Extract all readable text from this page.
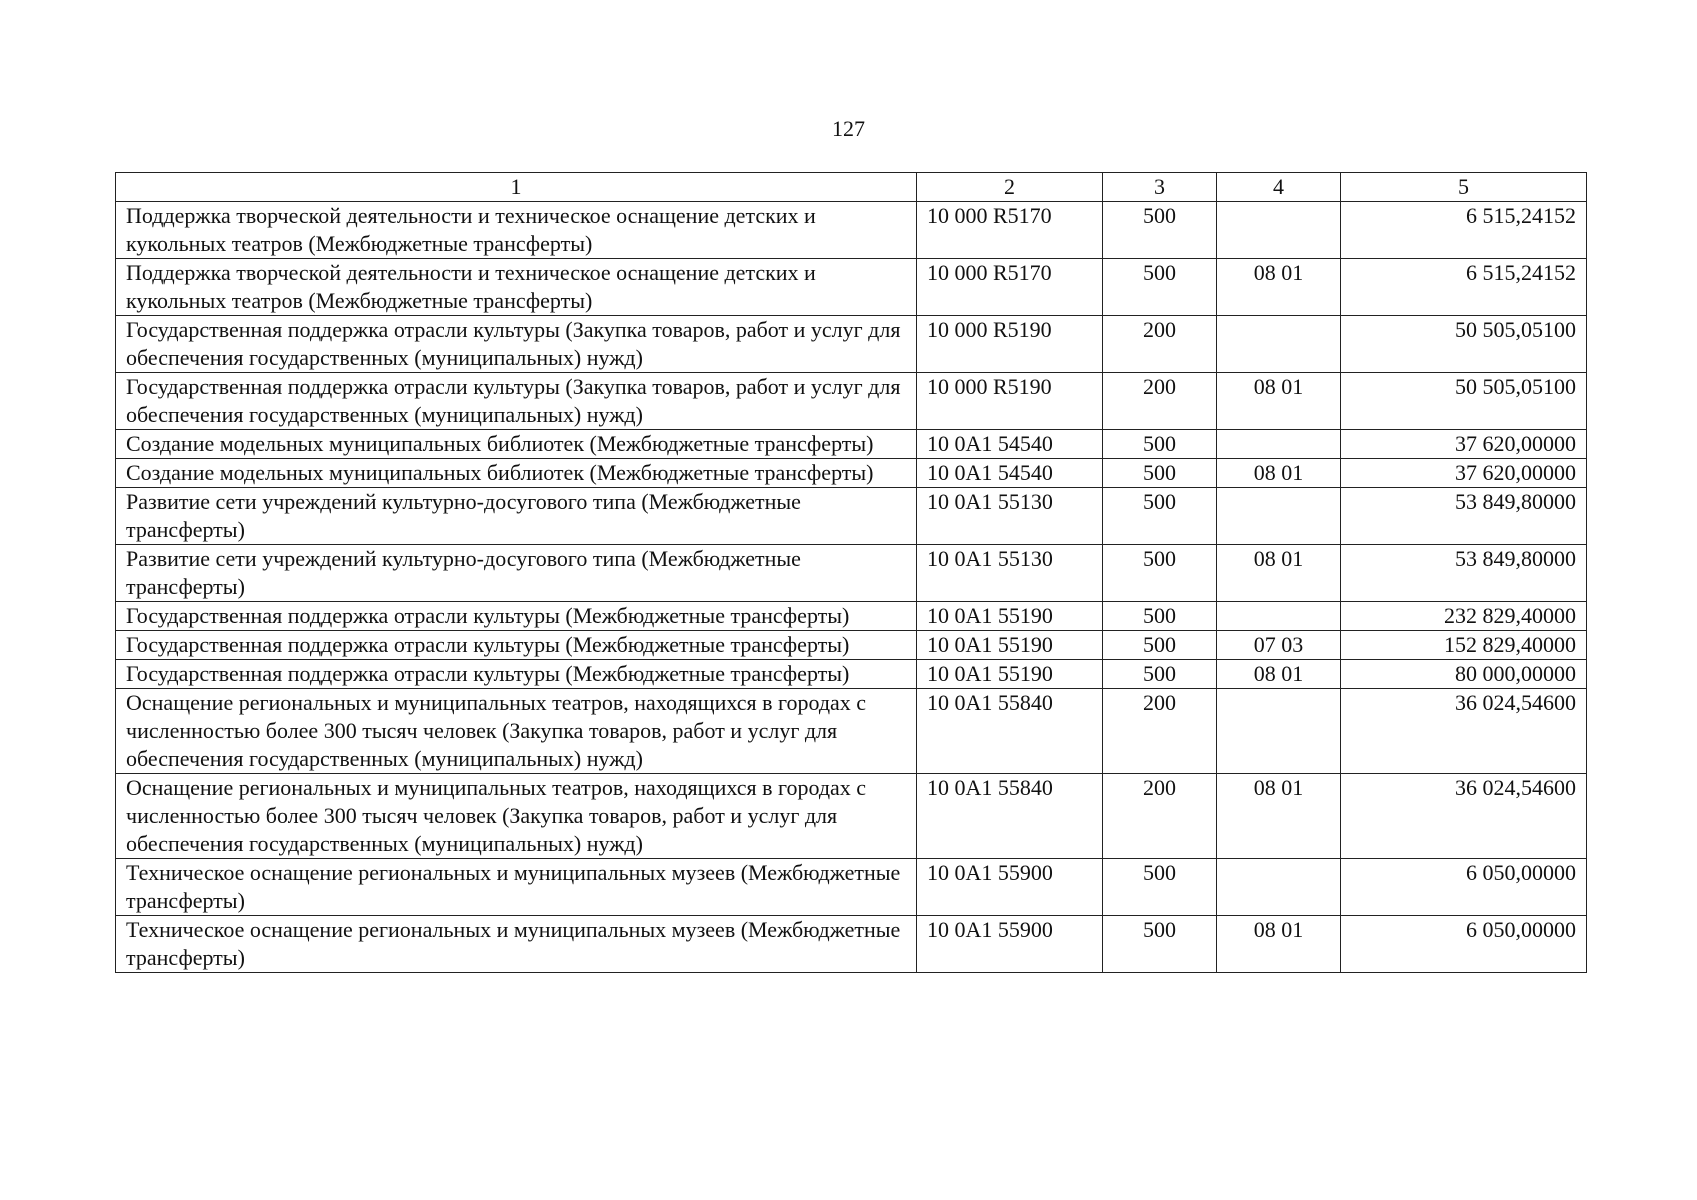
127
1	2	3	4	5
Поддержка творческой деятельности и техническое оснащение детских и кукольных театров (Межбюджетные трансферты)	10 000 R5170	500		6 515,24152
Поддержка творческой деятельности и техническое оснащение детских и кукольных театров (Межбюджетные трансферты)	10 000 R5170	500	08 01	6 515,24152
Государственная поддержка отрасли культуры (Закупка товаров, работ и услуг для обеспечения государственных (муниципальных) нужд)	10 000 R5190	200		50 505,05100
Государственная поддержка отрасли культуры (Закупка товаров, работ и услуг для обеспечения государственных (муниципальных) нужд)	10 000 R5190	200	08 01	50 505,05100
Создание модельных муниципальных библиотек (Межбюджетные трансферты)	10 0A1 54540	500		37 620,00000
Создание модельных муниципальных библиотек (Межбюджетные трансферты)	10 0A1 54540	500	08 01	37 620,00000
Развитие сети учреждений культурно-досугового типа (Межбюджетные трансферты)	10 0A1 55130	500		53 849,80000
Развитие сети учреждений культурно-досугового типа (Межбюджетные трансферты)	10 0A1 55130	500	08 01	53 849,80000
Государственная поддержка отрасли культуры (Межбюджетные трансферты)	10 0A1 55190	500		232 829,40000
Государственная поддержка отрасли культуры (Межбюджетные трансферты)	10 0A1 55190	500	07 03	152 829,40000
Государственная поддержка отрасли культуры (Межбюджетные трансферты)	10 0A1 55190	500	08 01	80 000,00000
Оснащение региональных и муниципальных театров, находящихся в городах с численностью более 300 тысяч человек (Закупка товаров, работ и услуг для обеспечения государственных (муниципальных) нужд)	10 0A1 55840	200		36 024,54600
Оснащение региональных и муниципальных театров, находящихся в городах с численностью более 300 тысяч человек (Закупка товаров, работ и услуг для обеспечения государственных (муниципальных) нужд)	10 0A1 55840	200	08 01	36 024,54600
Техническое оснащение региональных и муниципальных музеев (Межбюджетные трансферты)	10 0A1 55900	500		6 050,00000
Техническое оснащение региональных и муниципальных музеев (Межбюджетные трансферты)	10 0A1 55900	500	08 01	6 050,00000
